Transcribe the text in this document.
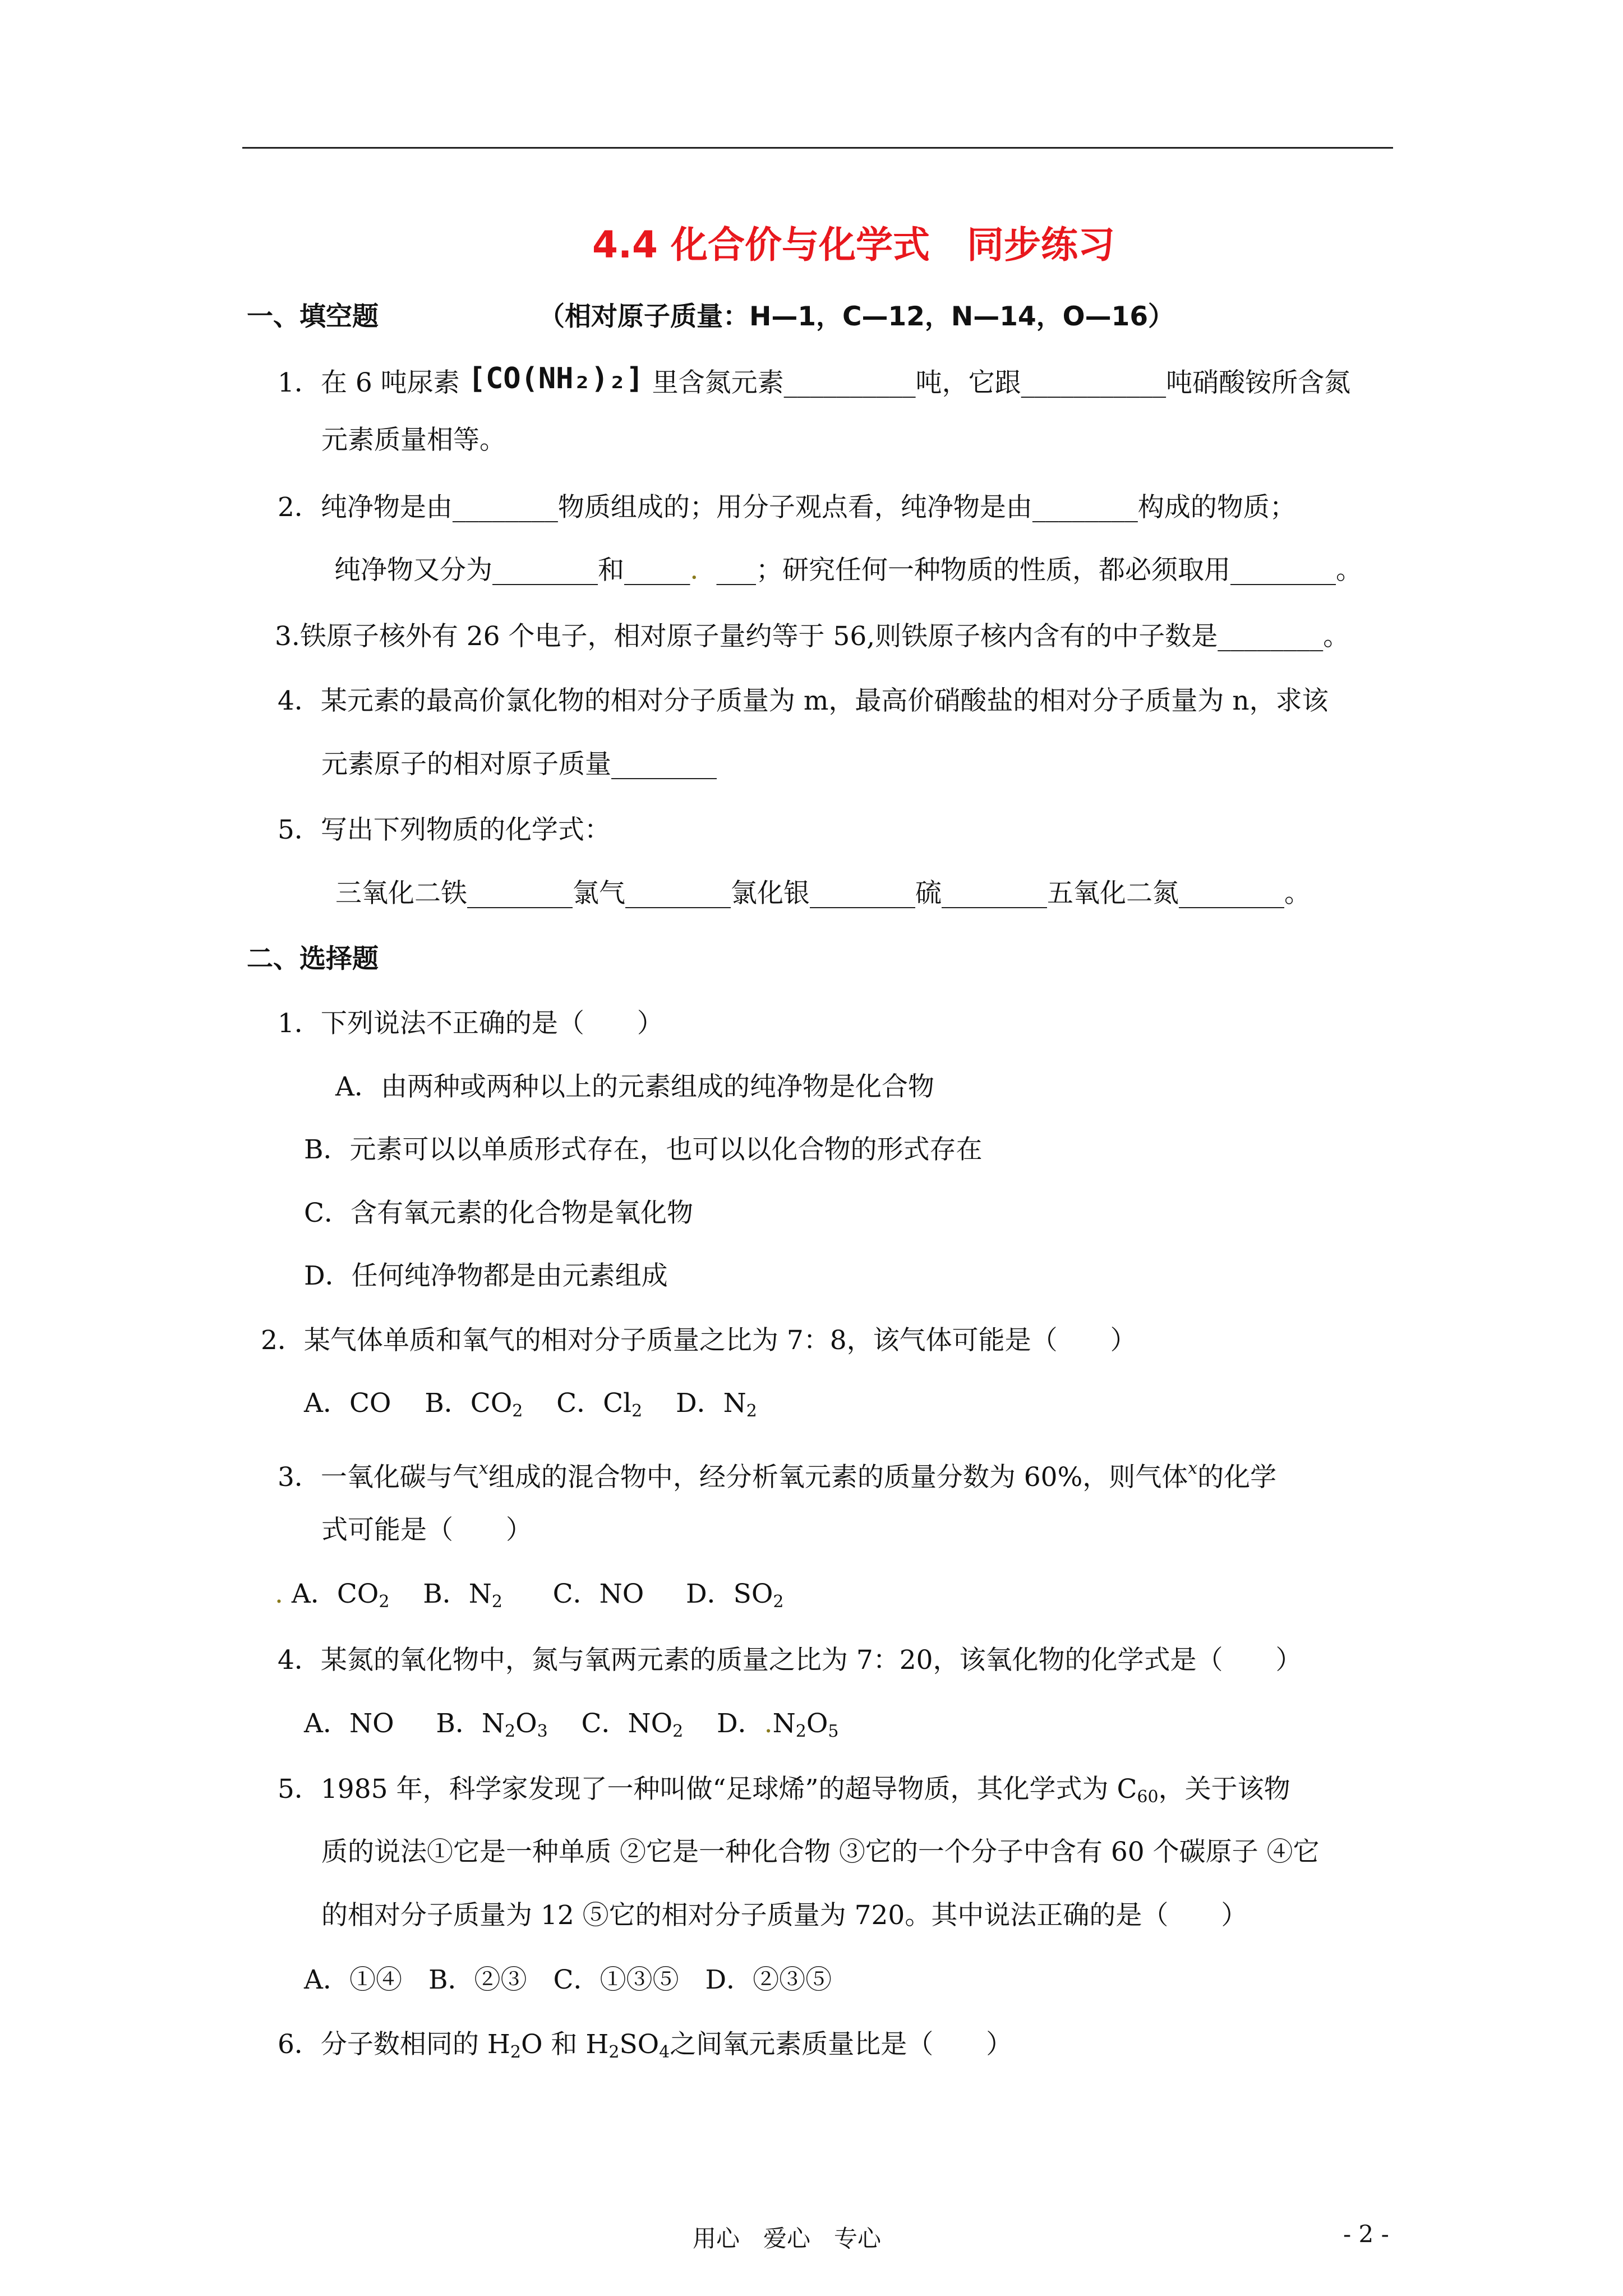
4.4 化合价与化学式　同步练习
一、填空题	（相对原子质量：H—1，C—12，N—14，O—16）
1．在 6 吨尿素 [CO(NH₂)₂] 里含氮元素__________吨，它跟___________吨硝酸铵所含氮
元素质量相等。
2．纯净物是由________物质组成的；用分子观点看，纯净物是由________构成的物质；
纯净物又分为________和_____．___；研究任何一种物质的性质，都必须取用________。
3.铁原子核外有 26 个电子，相对原子量约等于 56,则铁原子核内含有的中子数是________。
4．某元素的最高价氯化物的相对分子质量为 m，最高价硝酸盐的相对分子质量为 n，求该
元素原子的相对原子质量________
5．写出下列物质的化学式：
三氧化二铁________氯气________氯化银________硫________五氧化二氮________。
二、选择题
1．下列说法不正确的是（　　）
A．由两种或两种以上的元素组成的纯净物是化合物
B．元素可以以单质形式存在，也可以以化合物的形式存在
C．含有氧元素的化合物是氧化物
D．任何纯净物都是由元素组成
2．某气体单质和氧气的相对分子质量之比为 7：8，该气体可能是（　　）
A．CO B．$CO_2$ C．$Cl_2$ D．$N_2$
3．一氧化碳与气$^x$组成的混合物中，经分析氧元素的质量分数为 60%，则气体$^x$的化学
式可能是（　　）
. A．$CO_2$ B．$N_2$ C．NO D．$SO_2$
4．某氮的氧化物中，氮与氧两元素的质量之比为 7：20，该氧化物的化学式是（　　）
A．NO B．$N_2O_3$ C．$NO_2$ D．$.N_2O_5$
5．1985 年，科学家发现了一种叫做“足球烯”的超导物质，其化学式为 $C_{60}$，关于该物
质的说法①它是一种单质 ②它是一种化合物 ③它的一个分子中含有 60 个碳原子 ④它
的相对分子质量为 12 ⑤它的相对分子质量为 720。其中说法正确的是（　　）
A．①④　B．②③　C．①③⑤　D．②③⑤
6．分子数相同的 $H_2O$ 和 $H_2SO_4$之间氧元素质量比是（　　）
用心　爱心　专心	- 2 -
